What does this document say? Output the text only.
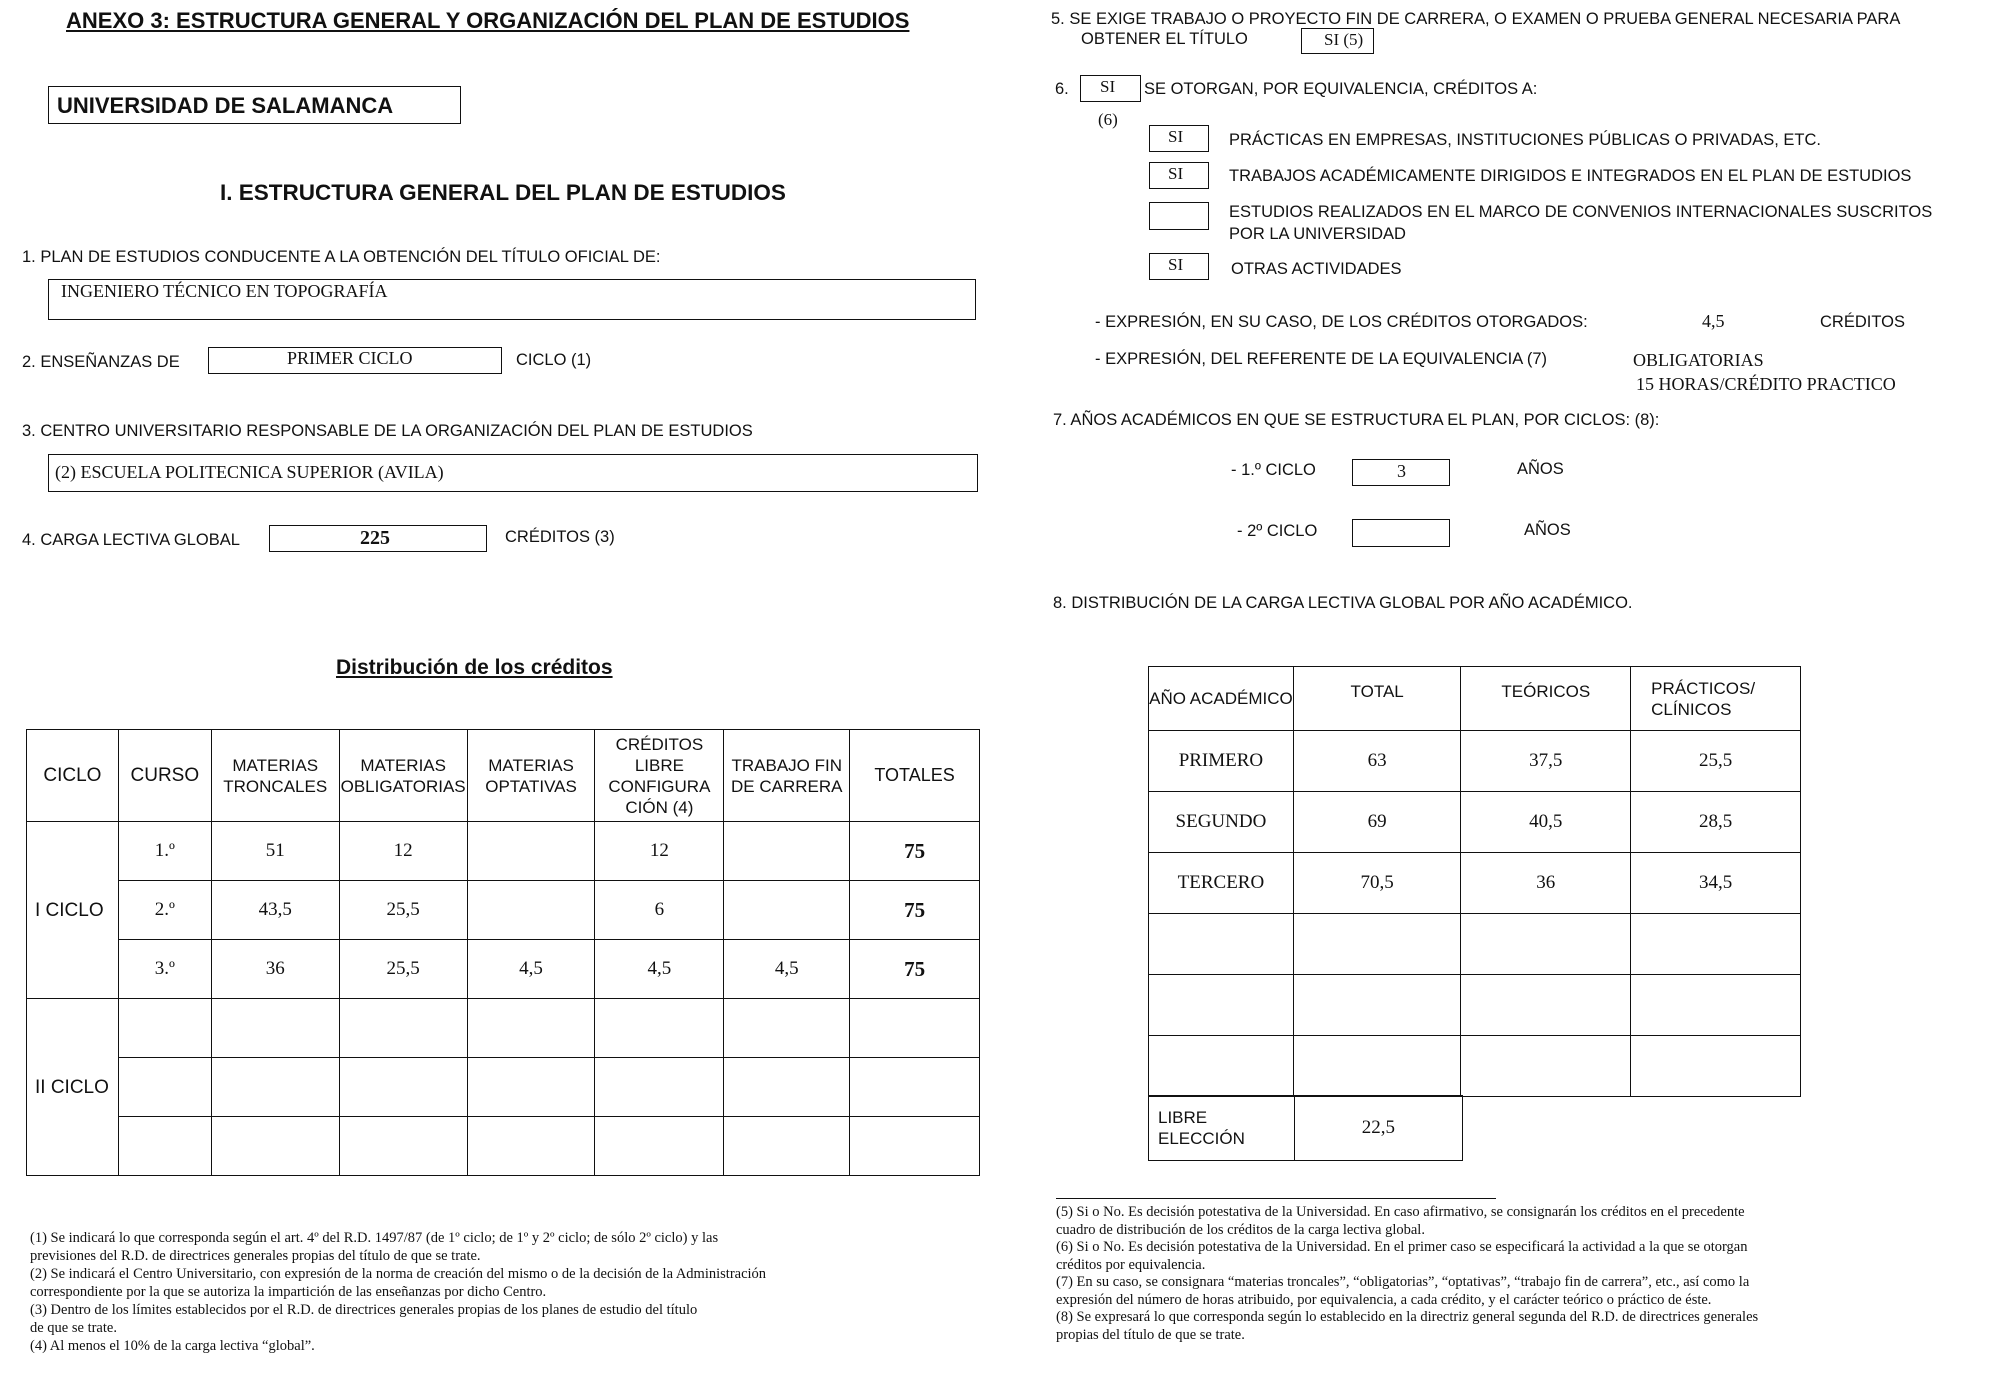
ANEXO 3: ESTRUCTURA GENERAL Y ORGANIZACIÓN DEL PLAN DE ESTUDIOS
UNIVERSIDAD DE SALAMANCA
I. ESTRUCTURA GENERAL DEL PLAN DE ESTUDIOS
1. PLAN DE ESTUDIOS CONDUCENTE A LA OBTENCIÓN DEL TÍTULO OFICIAL DE:
INGENIERO TÉCNICO EN TOPOGRAFÍA
2. ENSEÑANZAS DE	PRIMER CICLO	CICLO (1)
3. CENTRO UNIVERSITARIO RESPONSABLE DE LA ORGANIZACIÓN DEL PLAN DE ESTUDIOS
(2) ESCUELA POLITECNICA SUPERIOR (AVILA)
4. CARGA LECTIVA GLOBAL	225	CRÉDITOS (3)
Distribución de los créditos
CICLO	CURSO	MATERIAS TRONCALES	MATERIAS OBLIGATORIAS	MATERIAS OPTATIVAS	CRÉDITOS LIBRE CONFIGURA CIÓN (4)	TRABAJO FIN DE CARRERA	TOTALES
I CICLO	1.º	51	12		12		75
	2.º	43,5	25,5		6		75
	3.º	36	25,5	4,5	4,5	4,5	75
II CICLO							

(1) Se indicará lo que corresponda según el art. 4º del R.D. 1497/87 (de 1º ciclo; de 1º y 2º ciclo; de sólo 2º ciclo) y las
previsiones del R.D. de directrices generales propias del título de que se trate.
(2) Se indicará el Centro Universitario, con expresión de la norma de creación del mismo o de la decisión de la Administración
correspondiente por la que se autoriza la impartición de las enseñanzas por dicho Centro.
(3) Dentro de los límites establecidos por el R.D. de directrices generales propias de los planes de estudio del título
de que se trate.
(4) Al menos el 10% de la carga lectiva “global”.
5. SE EXIGE TRABAJO O PROYECTO FIN DE CARRERA, O EXAMEN O PRUEBA GENERAL NECESARIA PARA
OBTENER EL TÍTULO	SI (5)
6. SI SE OTORGAN, POR EQUIVALENCIA, CRÉDITOS A:
(6)
SI	PRÁCTICAS EN EMPRESAS, INSTITUCIONES PÚBLICAS O PRIVADAS, ETC.
SI	TRABAJOS ACADÉMICAMENTE DIRIGIDOS E INTEGRADOS EN EL PLAN DE ESTUDIOS
ESTUDIOS REALIZADOS EN EL MARCO DE CONVENIOS INTERNACIONALES SUSCRITOS
POR LA UNIVERSIDAD
SI	OTRAS ACTIVIDADES
- EXPRESIÓN, EN SU CASO, DE LOS CRÉDITOS OTORGADOS:	4,5	CRÉDITOS
- EXPRESIÓN, DEL REFERENTE DE LA EQUIVALENCIA (7)	OBLIGATORIAS
15 HORAS/CRÉDITO PRACTICO
7. AÑOS ACADÉMICOS EN QUE SE ESTRUCTURA EL PLAN, POR CICLOS: (8):
- 1.º CICLO	3	AÑOS
- 2º CICLO	AÑOS
8. DISTRIBUCIÓN DE LA CARGA LECTIVA GLOBAL POR AÑO ACADÉMICO.
AÑO ACADÉMICO	TOTAL	TEÓRICOS	PRÁCTICOS/ CLÍNICOS
PRIMERO	63	37,5	25,5
SEGUNDO	69	40,5	28,5
TERCERO	70,5	36	34,5

LIBRE
ELECCIÓN
	22,5
(5) Si o No. Es decisión potestativa de la Universidad. En caso afirmativo, se consignarán los créditos en el precedente
cuadro de distribución de los créditos de la carga lectiva global.
(6) Si o No. Es decisión potestativa de la Universidad. En el primer caso se especificará la actividad a la que se otorgan
créditos por equivalencia.
(7) En su caso, se consignara “materias troncales”, “obligatorias”, “optativas”, “trabajo fin de carrera”, etc., así como la
expresión del número de horas atribuido, por equivalencia, a cada crédito, y el carácter teórico o práctico de éste.
(8) Se expresará lo que corresponda según lo establecido en la directriz general segunda del R.D. de directrices generales
propias del título de que se trate.
